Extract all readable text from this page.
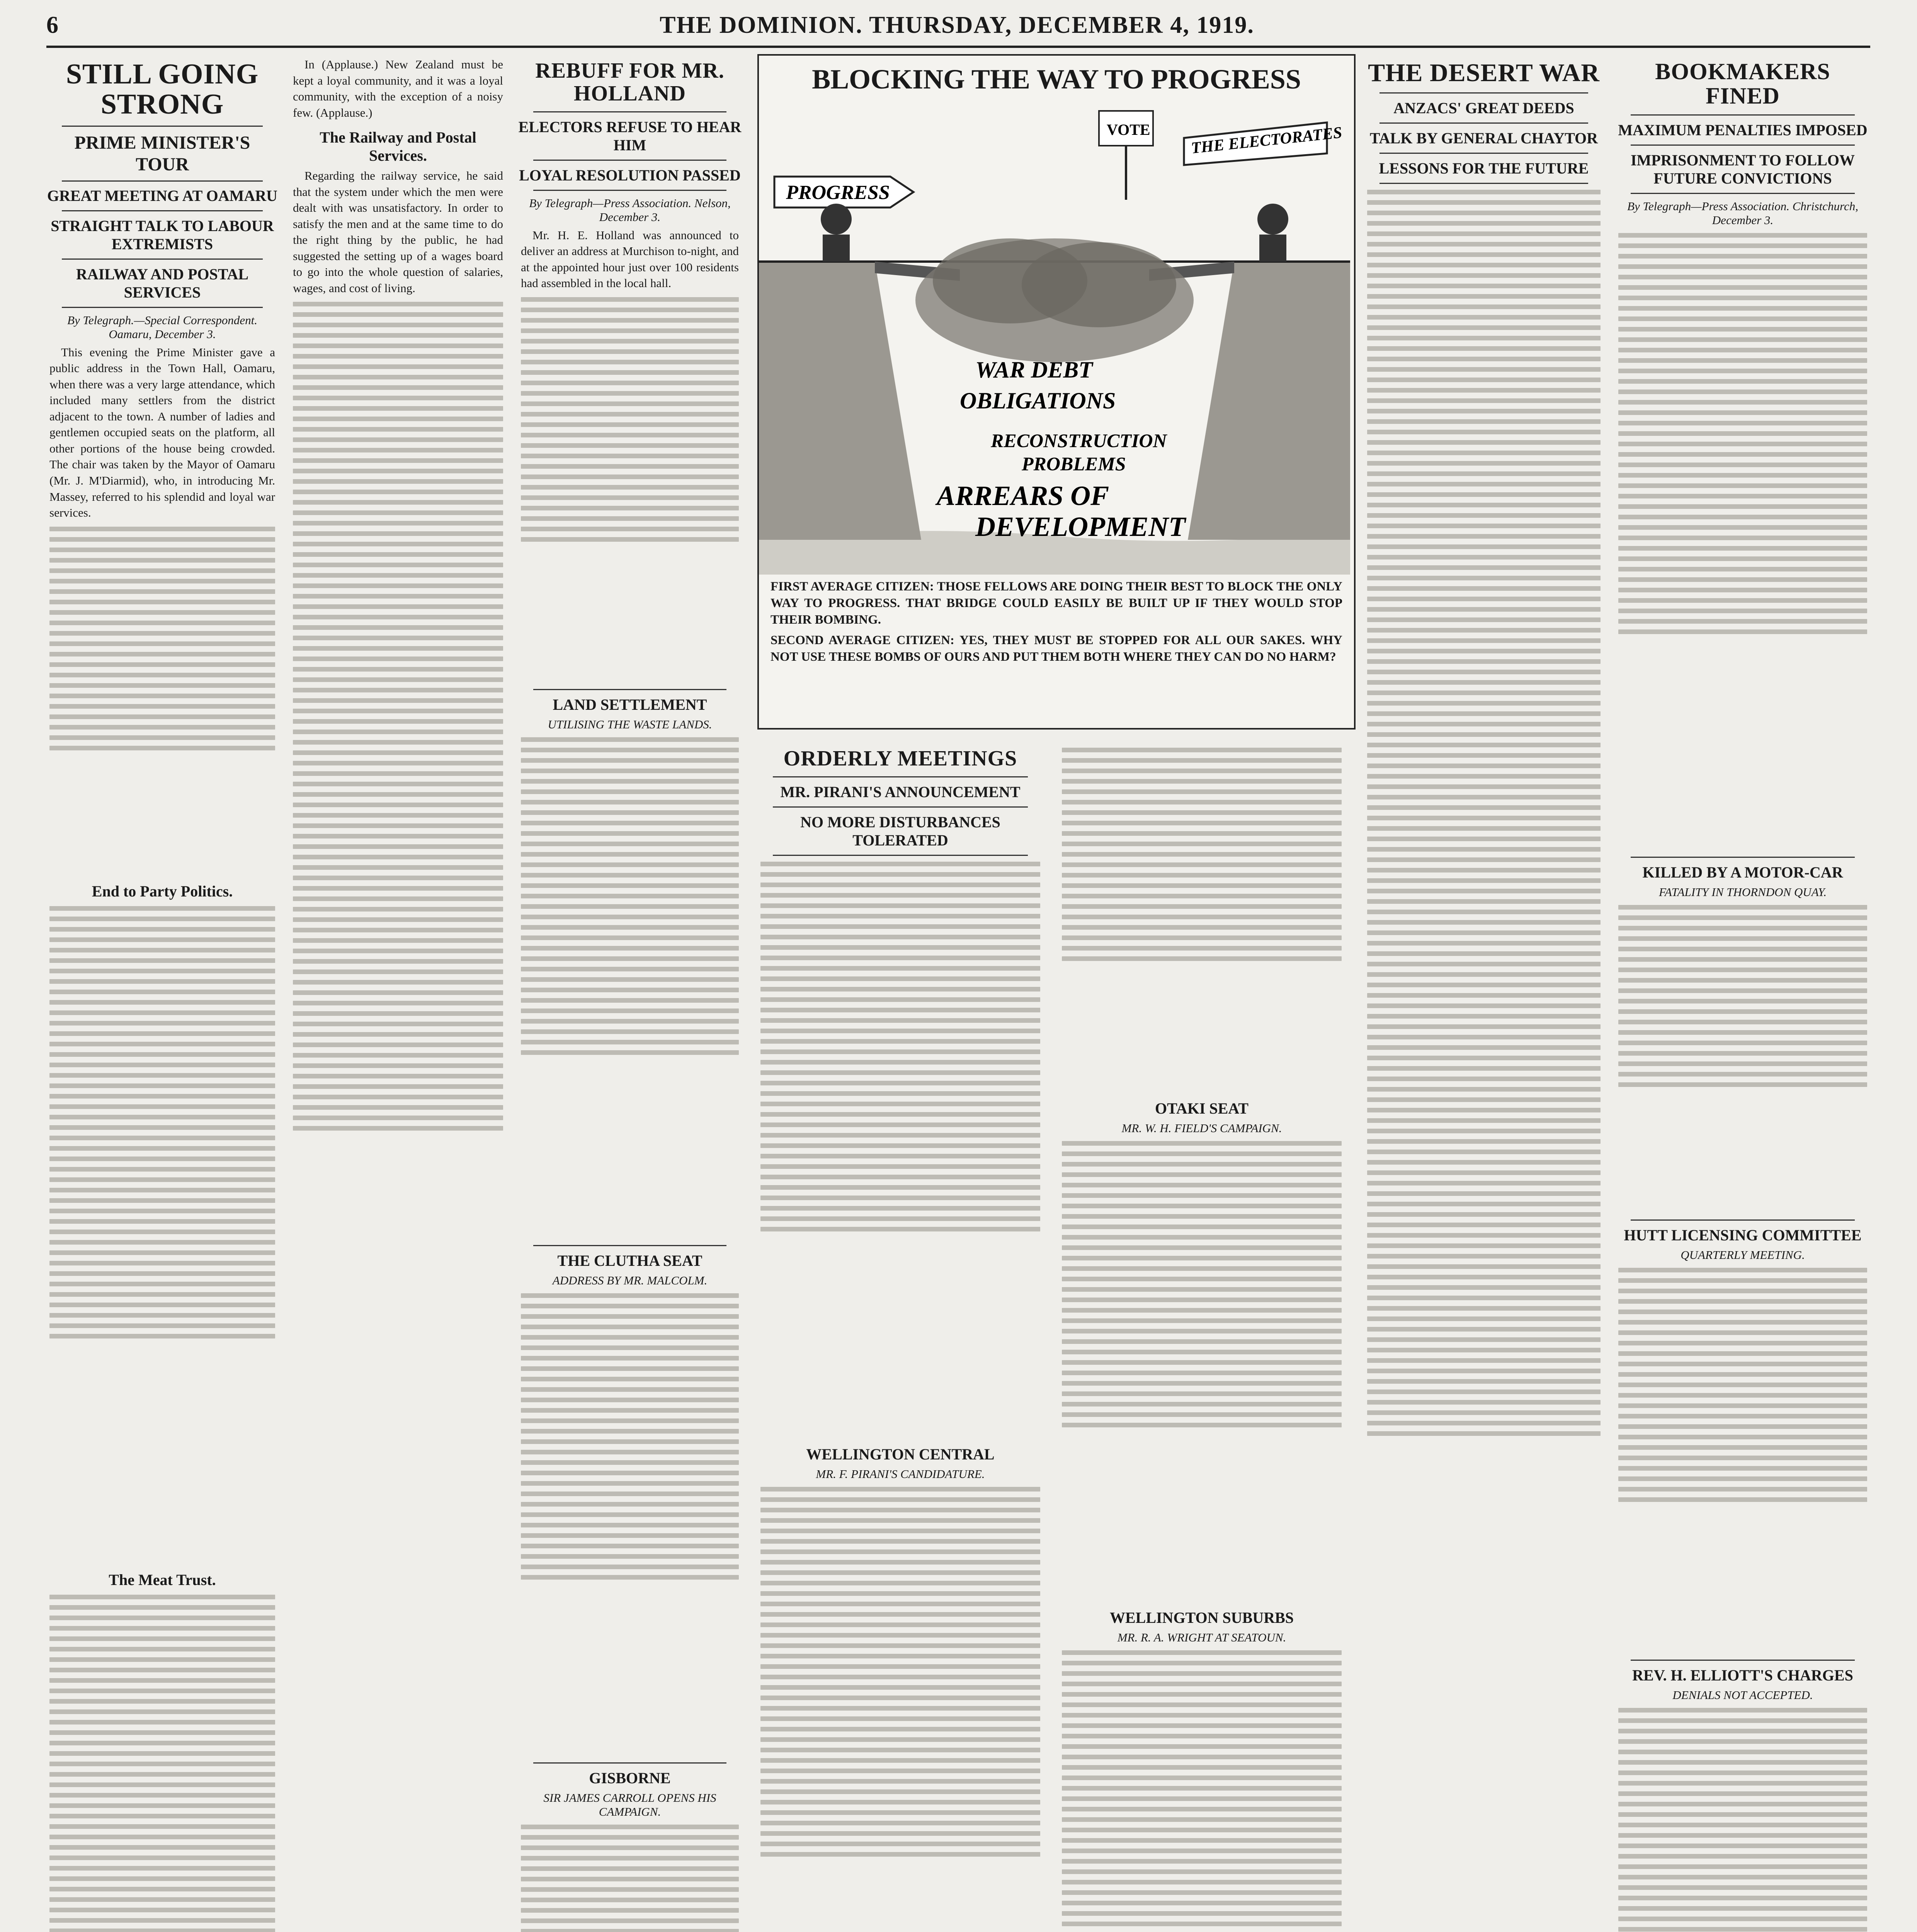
6	THE DOMINION. THURSDAY, DECEMBER 4, 1919.
STILL GOING STRONG
PRIME MINISTER'S TOUR
GREAT MEETING AT OAMARU
STRAIGHT TALK TO LABOUR EXTREMISTS
RAILWAY AND POSTAL SERVICES
By Telegraph.—Special Correspondent. Oamaru, December 3.

This evening the Prime Minister gave a public address in the Town Hall, Oamaru, when there was a very large attendance, which included many settlers from the district adjacent to the town. A number of ladies and gentlemen occupied seats on the platform, all other portions of the house being crowded. The chair was taken by the Mayor of Oamaru (Mr. J. M'Diarmid), who, in introducing Mr. Massey, referred to his splendid and loyal war services.

End to Party Politics.
The Meat Trust.

In (Applause.) New Zealand must be kept a loyal community, and it was a loyal community, with the exception of a noisy few. (Applause.)

The Railway and Postal Services.

Regarding the railway service, he said that the system under which the men were dealt with was unsatisfactory. In order to satisfy the men and at the same time to do the right thing by the public, he had suggested the setting up of a wages board to go into the whole question of salaries, wages, and cost of living.

REBUFF FOR MR. HOLLAND
ELECTORS REFUSE TO HEAR HIM
LOYAL RESOLUTION PASSED
By Telegraph—Press Association. Nelson, December 3.

Mr. H. E. Holland was announced to deliver an address at Murchison to-night, and at the appointed hour just over 100 residents had assembled in the local hall.

LAND SETTLEMENT
UTILISING THE WASTE LANDS.
THE CLUTHA SEAT
ADDRESS BY MR. MALCOLM.
GISBORNE
SIR JAMES CARROLL OPENS HIS CAMPAIGN.
BLOCKING THE WAY TO PROGRESS
PROGRESS
THE ELECTORATES
VOTE
WAR DEBT
OBLIGATIONS
RECONSTRUCTION
PROBLEMS
ARREARS OF
DEVELOPMENT
FIRST AVERAGE CITIZEN: THOSE FELLOWS ARE DOING THEIR BEST TO BLOCK THE ONLY WAY TO PROGRESS. THAT BRIDGE COULD EASILY BE BUILT UP IF THEY WOULD STOP THEIR BOMBING.
SECOND AVERAGE CITIZEN: YES, THEY MUST BE STOPPED FOR ALL OUR SAKES. WHY NOT USE THESE BOMBS OF OURS AND PUT THEM BOTH WHERE THEY CAN DO NO HARM?
ORDERLY MEETINGS
MR. PIRANI'S ANNOUNCEMENT
NO MORE DISTURBANCES TOLERATED
WELLINGTON CENTRAL
MR. F. PIRANI'S CANDIDATURE.
OTAKI SEAT
MR. W. H. FIELD'S CAMPAIGN.
WELLINGTON SUBURBS
MR. R. A. WRIGHT AT SEATOUN.
THE DESERT WAR
ANZACS' GREAT DEEDS
TALK BY GENERAL CHAYTOR
LESSONS FOR THE FUTURE
BOOKMAKERS FINED
MAXIMUM PENALTIES IMPOSED
IMPRISONMENT TO FOLLOW FUTURE CONVICTIONS
By Telegraph—Press Association. Christchurch, December 3.
KILLED BY A MOTOR-CAR
FATALITY IN THORNDON QUAY.
HUTT LICENSING COMMITTEE
QUARTERLY MEETING.
REV. H. ELLIOTT'S CHARGES
DENIALS NOT ACCEPTED.
